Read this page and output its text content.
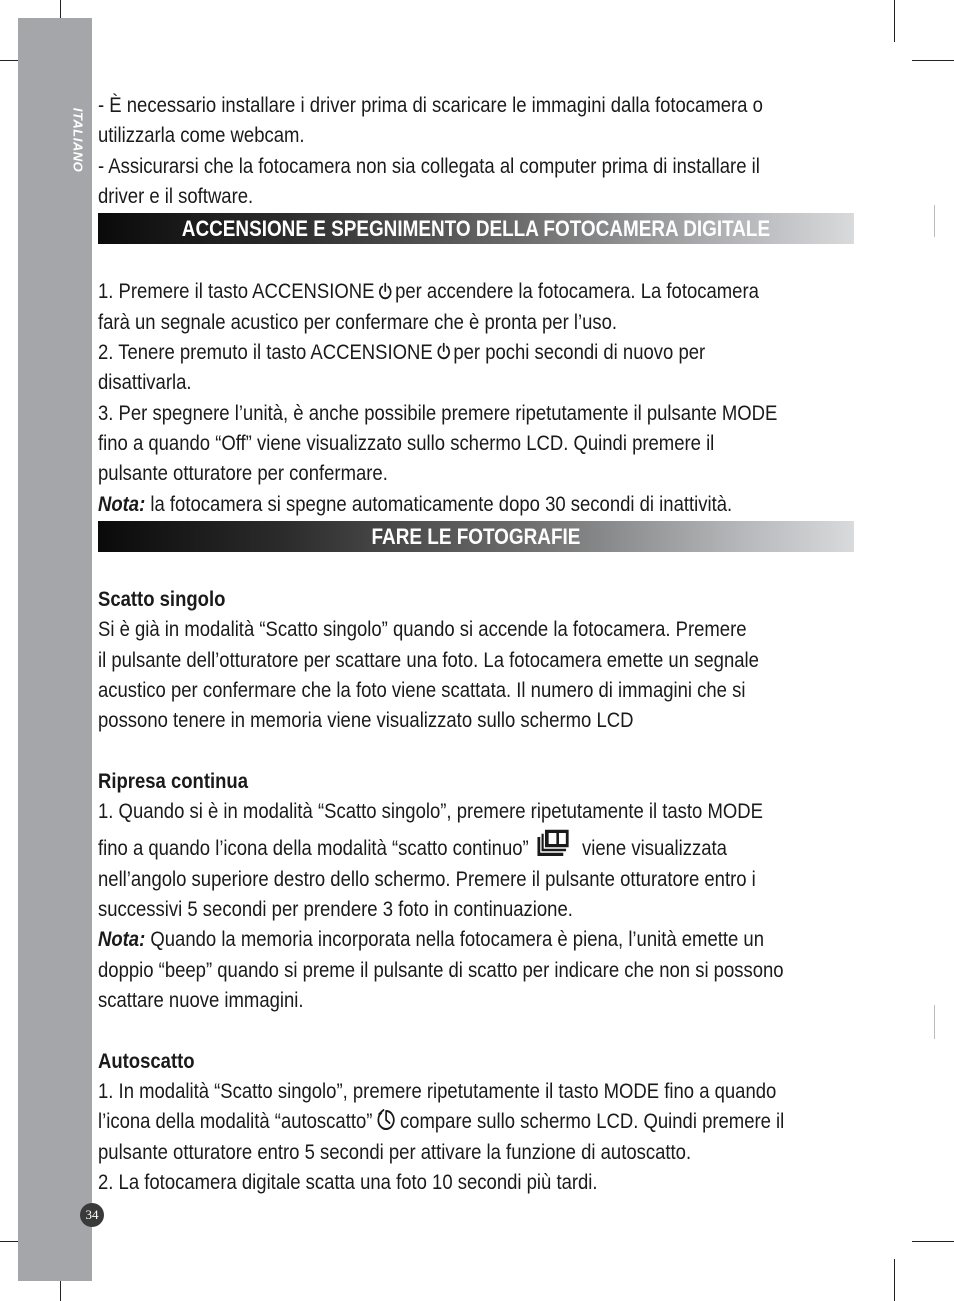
ITALIANO
34

- È necessario installare i driver prima di scaricare le immagini dalla fotocamera o

utilizzarla come webcam.

- Assicurarsi che la fotocamera non sia collegata al computer prima di installare il

driver e il software.

ACCENSIONE E SPEGNIMENTO DELLA FOTOCAMERA DIGITALE

1. Premere il tasto ACCENSIONE per accendere la fotocamera. La fotocamera

farà un segnale acustico per confermare che è pronta per l’uso.

2. Tenere premuto il tasto ACCENSIONE per pochi secondi di nuovo per

disattivarla.

3. Per spegnere l’unità, è anche possibile premere ripetutamente il pulsante MODE

fino a quando “Off” viene visualizzato sullo schermo LCD. Quindi premere il

pulsante otturatore per confermare.

Nota: la fotocamera si spegne automaticamente dopo 30 secondi di inattività.

FARE LE FOTOGRAFIE

Scatto singolo

Si è già in modalità “Scatto singolo” quando si accende la fotocamera. Premere

il pulsante dell’otturatore per scattare una foto. La fotocamera emette un segnale

acustico per confermare che la foto viene scattata. Il numero di immagini che si

possono tenere in memoria viene visualizzato sullo schermo LCD

Ripresa continua

1. Quando si è in modalità “Scatto singolo”, premere ripetutamente il tasto MODE

fino a quando l’icona della modalità “scatto continuo” viene visualizzata

nell’angolo superiore destro dello schermo. Premere il pulsante otturatore entro i

successivi 5 secondi per prendere 3 foto in continuazione.

Nota: Quando la memoria incorporata nella fotocamera è piena, l’unità emette un

doppio “beep” quando si preme il pulsante di scatto per indicare che non si possono

scattare nuove immagini.

Autoscatto

1. In modalità “Scatto singolo”, premere ripetutamente il tasto MODE fino a quando

l’icona della modalità “autoscatto” compare sullo schermo LCD. Quindi premere il

pulsante otturatore entro 5 secondi per attivare la funzione di autoscatto.

2. La fotocamera digitale scatta una foto 10 secondi più tardi.
